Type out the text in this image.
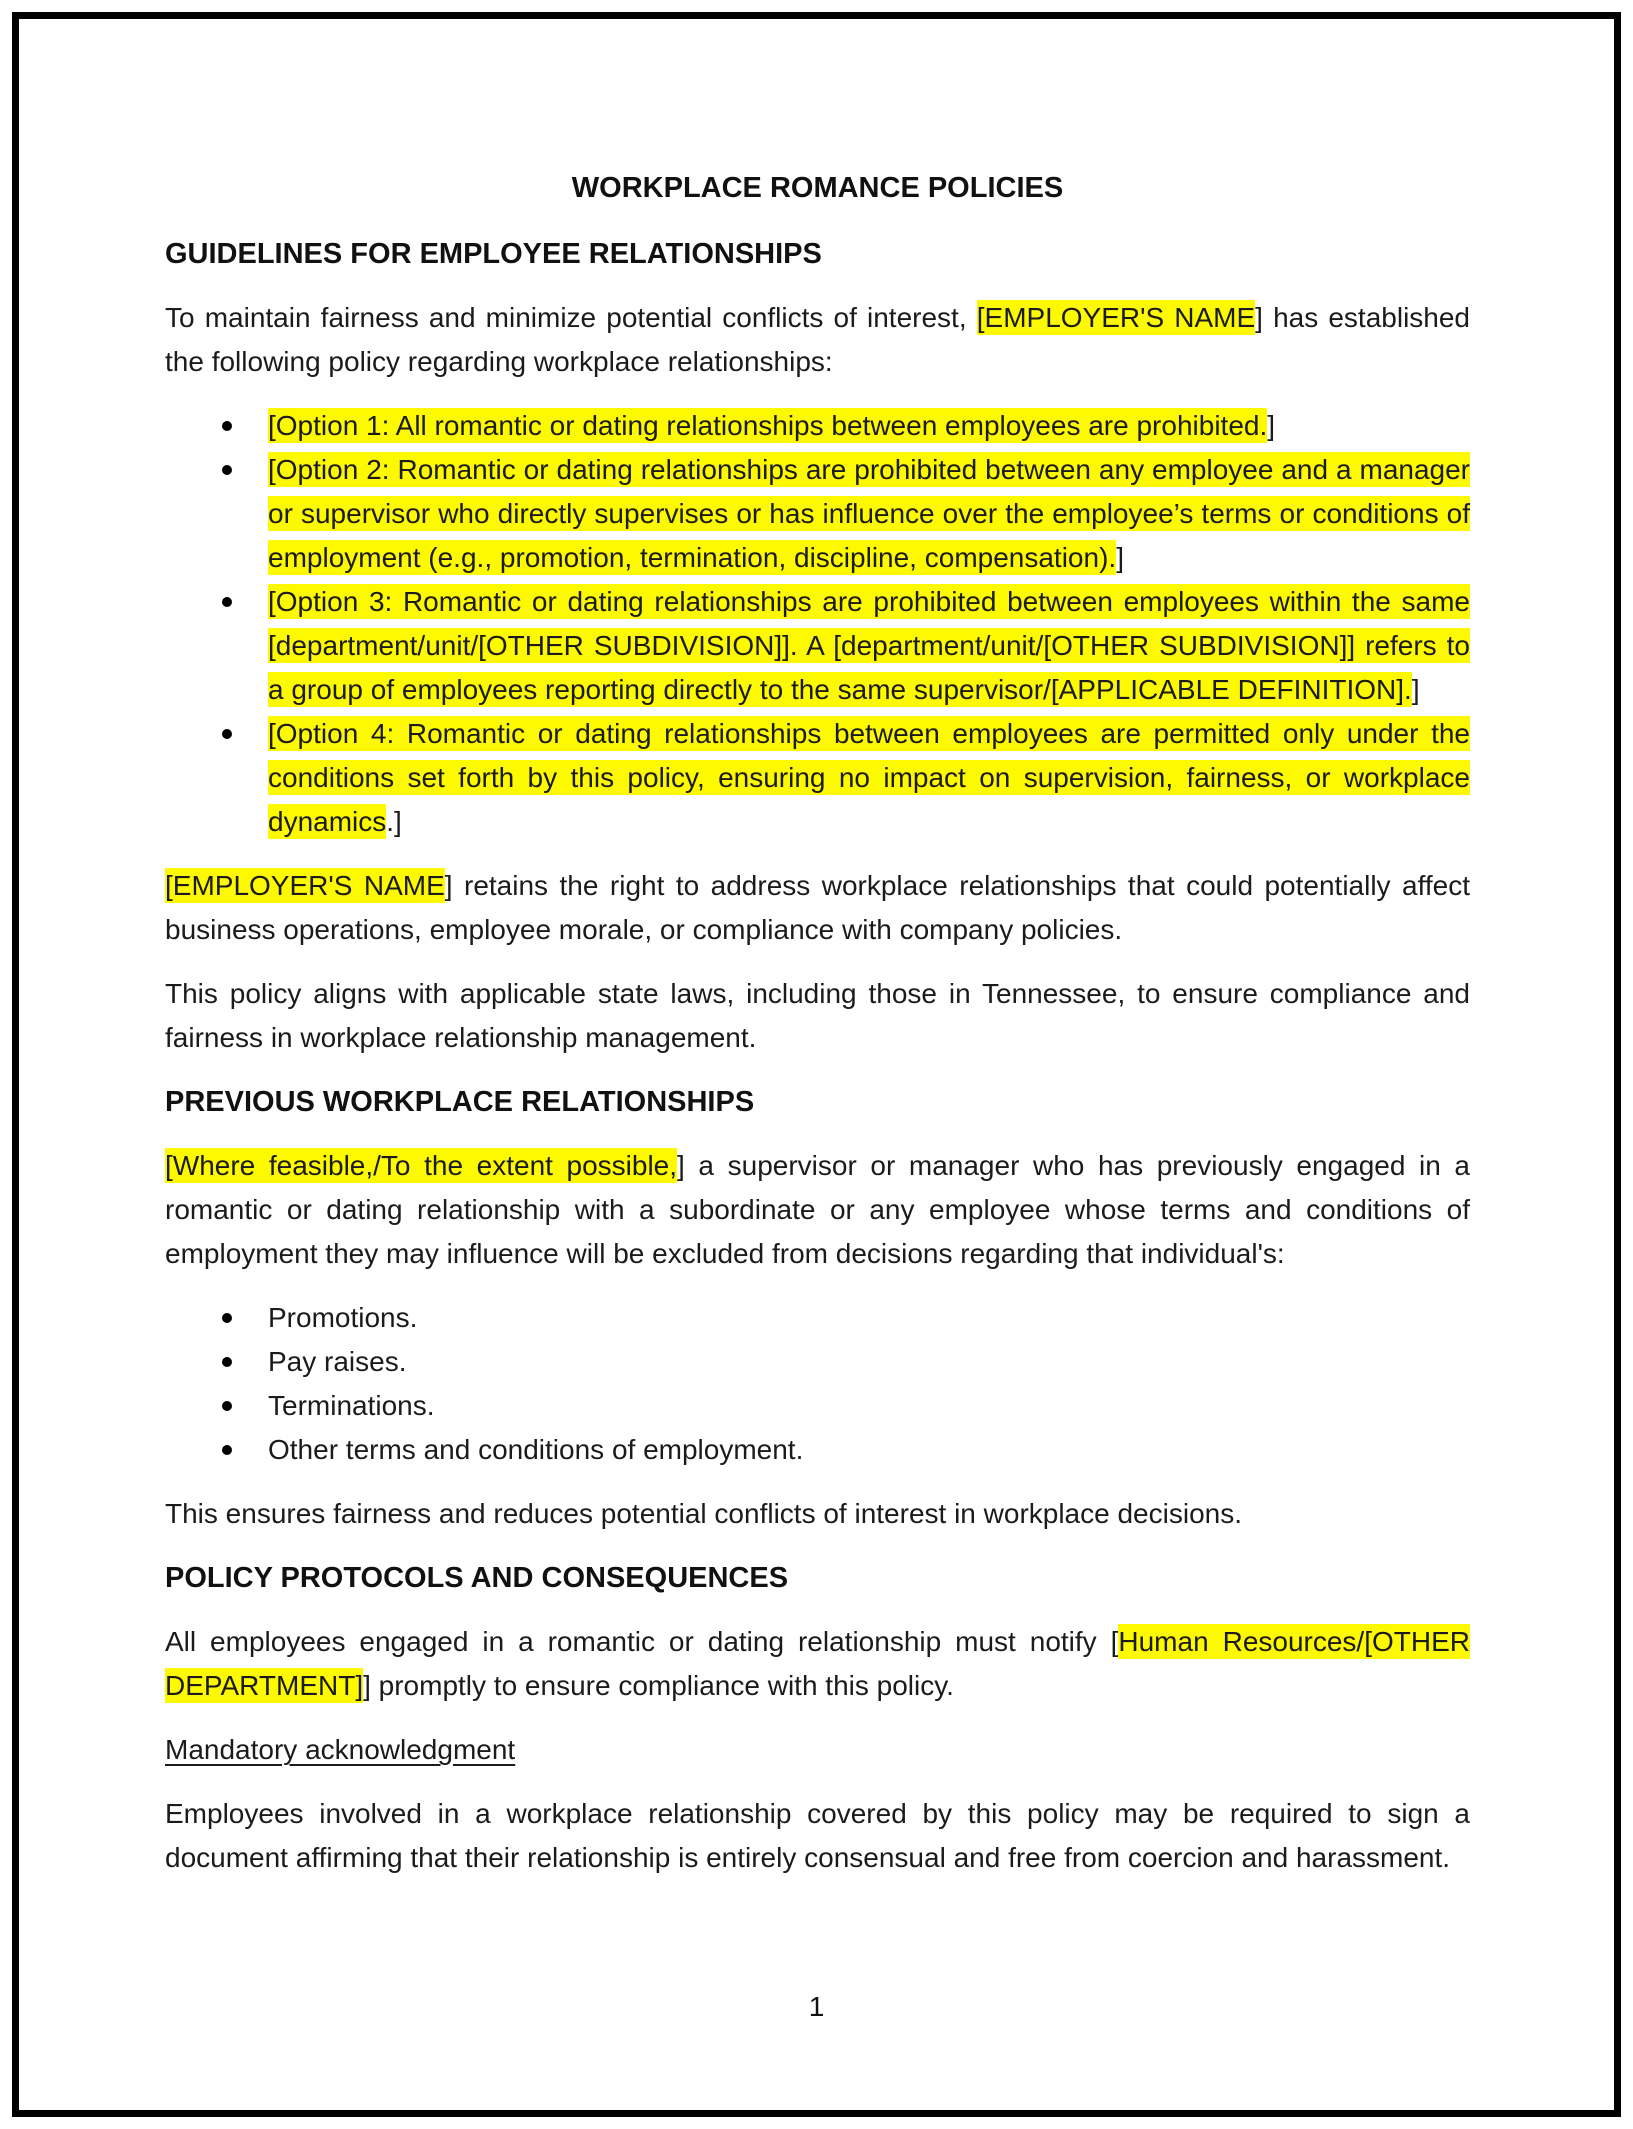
WORKPLACE ROMANCE POLICIES
GUIDELINES FOR EMPLOYEE RELATIONSHIPS

To maintain fairness and minimize potential conflicts of interest, [EMPLOYER'S NAME] has established the following policy regarding workplace relationships:

[Option 1: All romantic or dating relationships between employees are prohibited.]
[Option 2: Romantic or dating relationships are prohibited between any employee and a manager or supervisor who directly supervises or has influence over the employee’s terms or conditions of employment (e.g., promotion, termination, discipline, compensation).]
[Option 3: Romantic or dating relationships are prohibited between employees within the same [department/unit/[OTHER SUBDIVISION]]. A [department/unit/[OTHER SUBDIVISION]] refers to a group of employees reporting directly to the same supervisor/[APPLICABLE DEFINITION].]
[Option 4: Romantic or dating relationships between employees are permitted only under the conditions set forth by this policy, ensuring no impact on supervision, fairness, or workplace dynamics.]

[EMPLOYER'S NAME] retains the right to address workplace relationships that could potentially affect business operations, employee morale, or compliance with company policies.

This policy aligns with applicable state laws, including those in Tennessee, to ensure compliance and fairness in workplace relationship management.

PREVIOUS WORKPLACE RELATIONSHIPS

[Where feasible,/To the extent possible,] a supervisor or manager who has previously engaged in a romantic or dating relationship with a subordinate or any employee whose terms and conditions of employment they may influence will be excluded from decisions regarding that individual's:

Promotions.
Pay raises.
Terminations.
Other terms and conditions of employment.

This ensures fairness and reduces potential conflicts of interest in workplace decisions.

POLICY PROTOCOLS AND CONSEQUENCES

All employees engaged in a romantic or dating relationship must notify [Human Resources/[OTHER DEPARTMENT]] promptly to ensure compliance with this policy.

Mandatory acknowledgment

Employees involved in a workplace relationship covered by this policy may be required to sign a document affirming that their relationship is entirely consensual and free from coercion and harassment.

1
